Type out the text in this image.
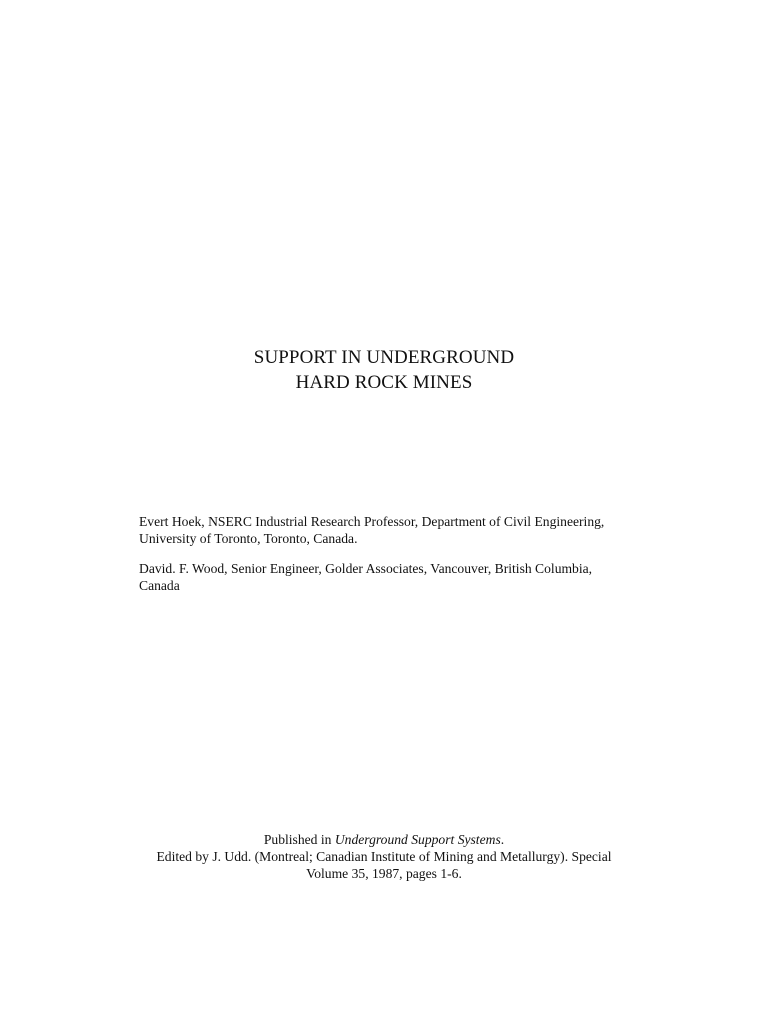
SUPPORT IN UNDERGROUND
HARD ROCK MINES

Evert Hoek, NSERC Industrial Research Professor, Department of Civil Engineering,
University of Toronto, Toronto, Canada.

David. F. Wood, Senior Engineer, Golder Associates, Vancouver, British Columbia,
Canada

Published in Underground Support Systems.
Edited by J. Udd. (Montreal; Canadian Institute of Mining and Metallurgy). Special
Volume 35, 1987, pages 1-6.
